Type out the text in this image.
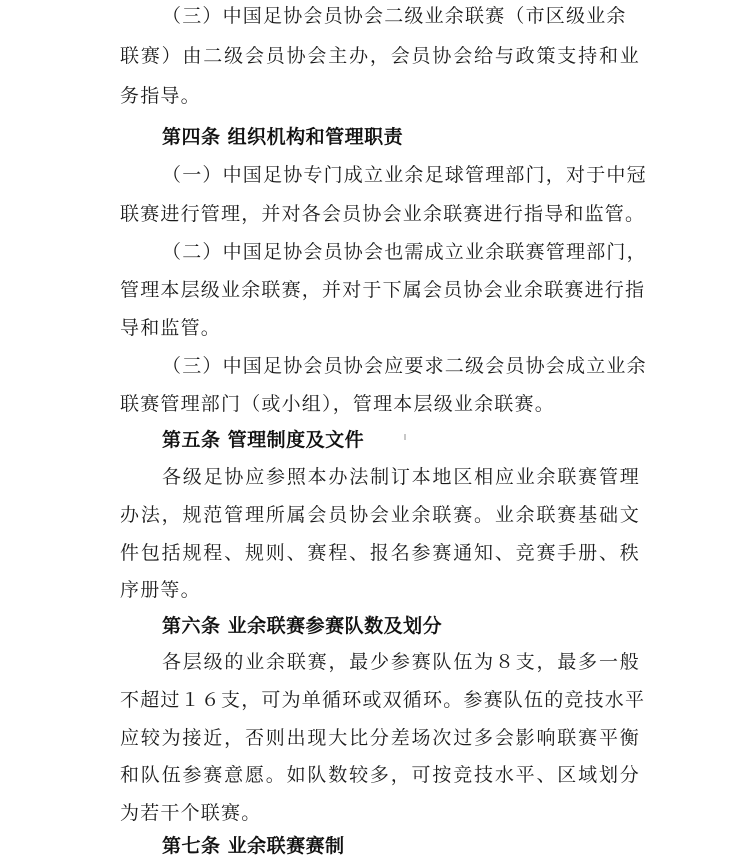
（三）中国足协会员协会二级业余联赛（市区级业余
联赛）由二级会员协会主办，会员协会给与政策支持和业
务指导。
第四条 组织机构和管理职责
（一）中国足协专门成立业余足球管理部门，对于中冠
联赛进行管理，并对各会员协会业余联赛进行指导和监管。
（二）中国足协会员协会也需成立业余联赛管理部门，
管理本层级业余联赛，并对于下属会员协会业余联赛进行指
导和监管。
（三）中国足协会员协会应要求二级会员协会成立业余
联赛管理部门（或小组），管理本层级业余联赛。
第五条 管理制度及文件
各级足协应参照本办法制订本地区相应业余联赛管理
办法，规范管理所属会员协会业余联赛。业余联赛基础文
件包括规程、规则、赛程、报名参赛通知、竞赛手册、秩
序册等。
第六条 业余联赛参赛队数及划分
各层级的业余联赛，最少参赛队伍为８支，最多一般
不超过１６支，可为单循环或双循环。参赛队伍的竞技水平
应较为接近，否则出现大比分差场次过多会影响联赛平衡
和队伍参赛意愿。如队数较多，可按竞技水平、区域划分
为若干个联赛。
第七条 业余联赛赛制
